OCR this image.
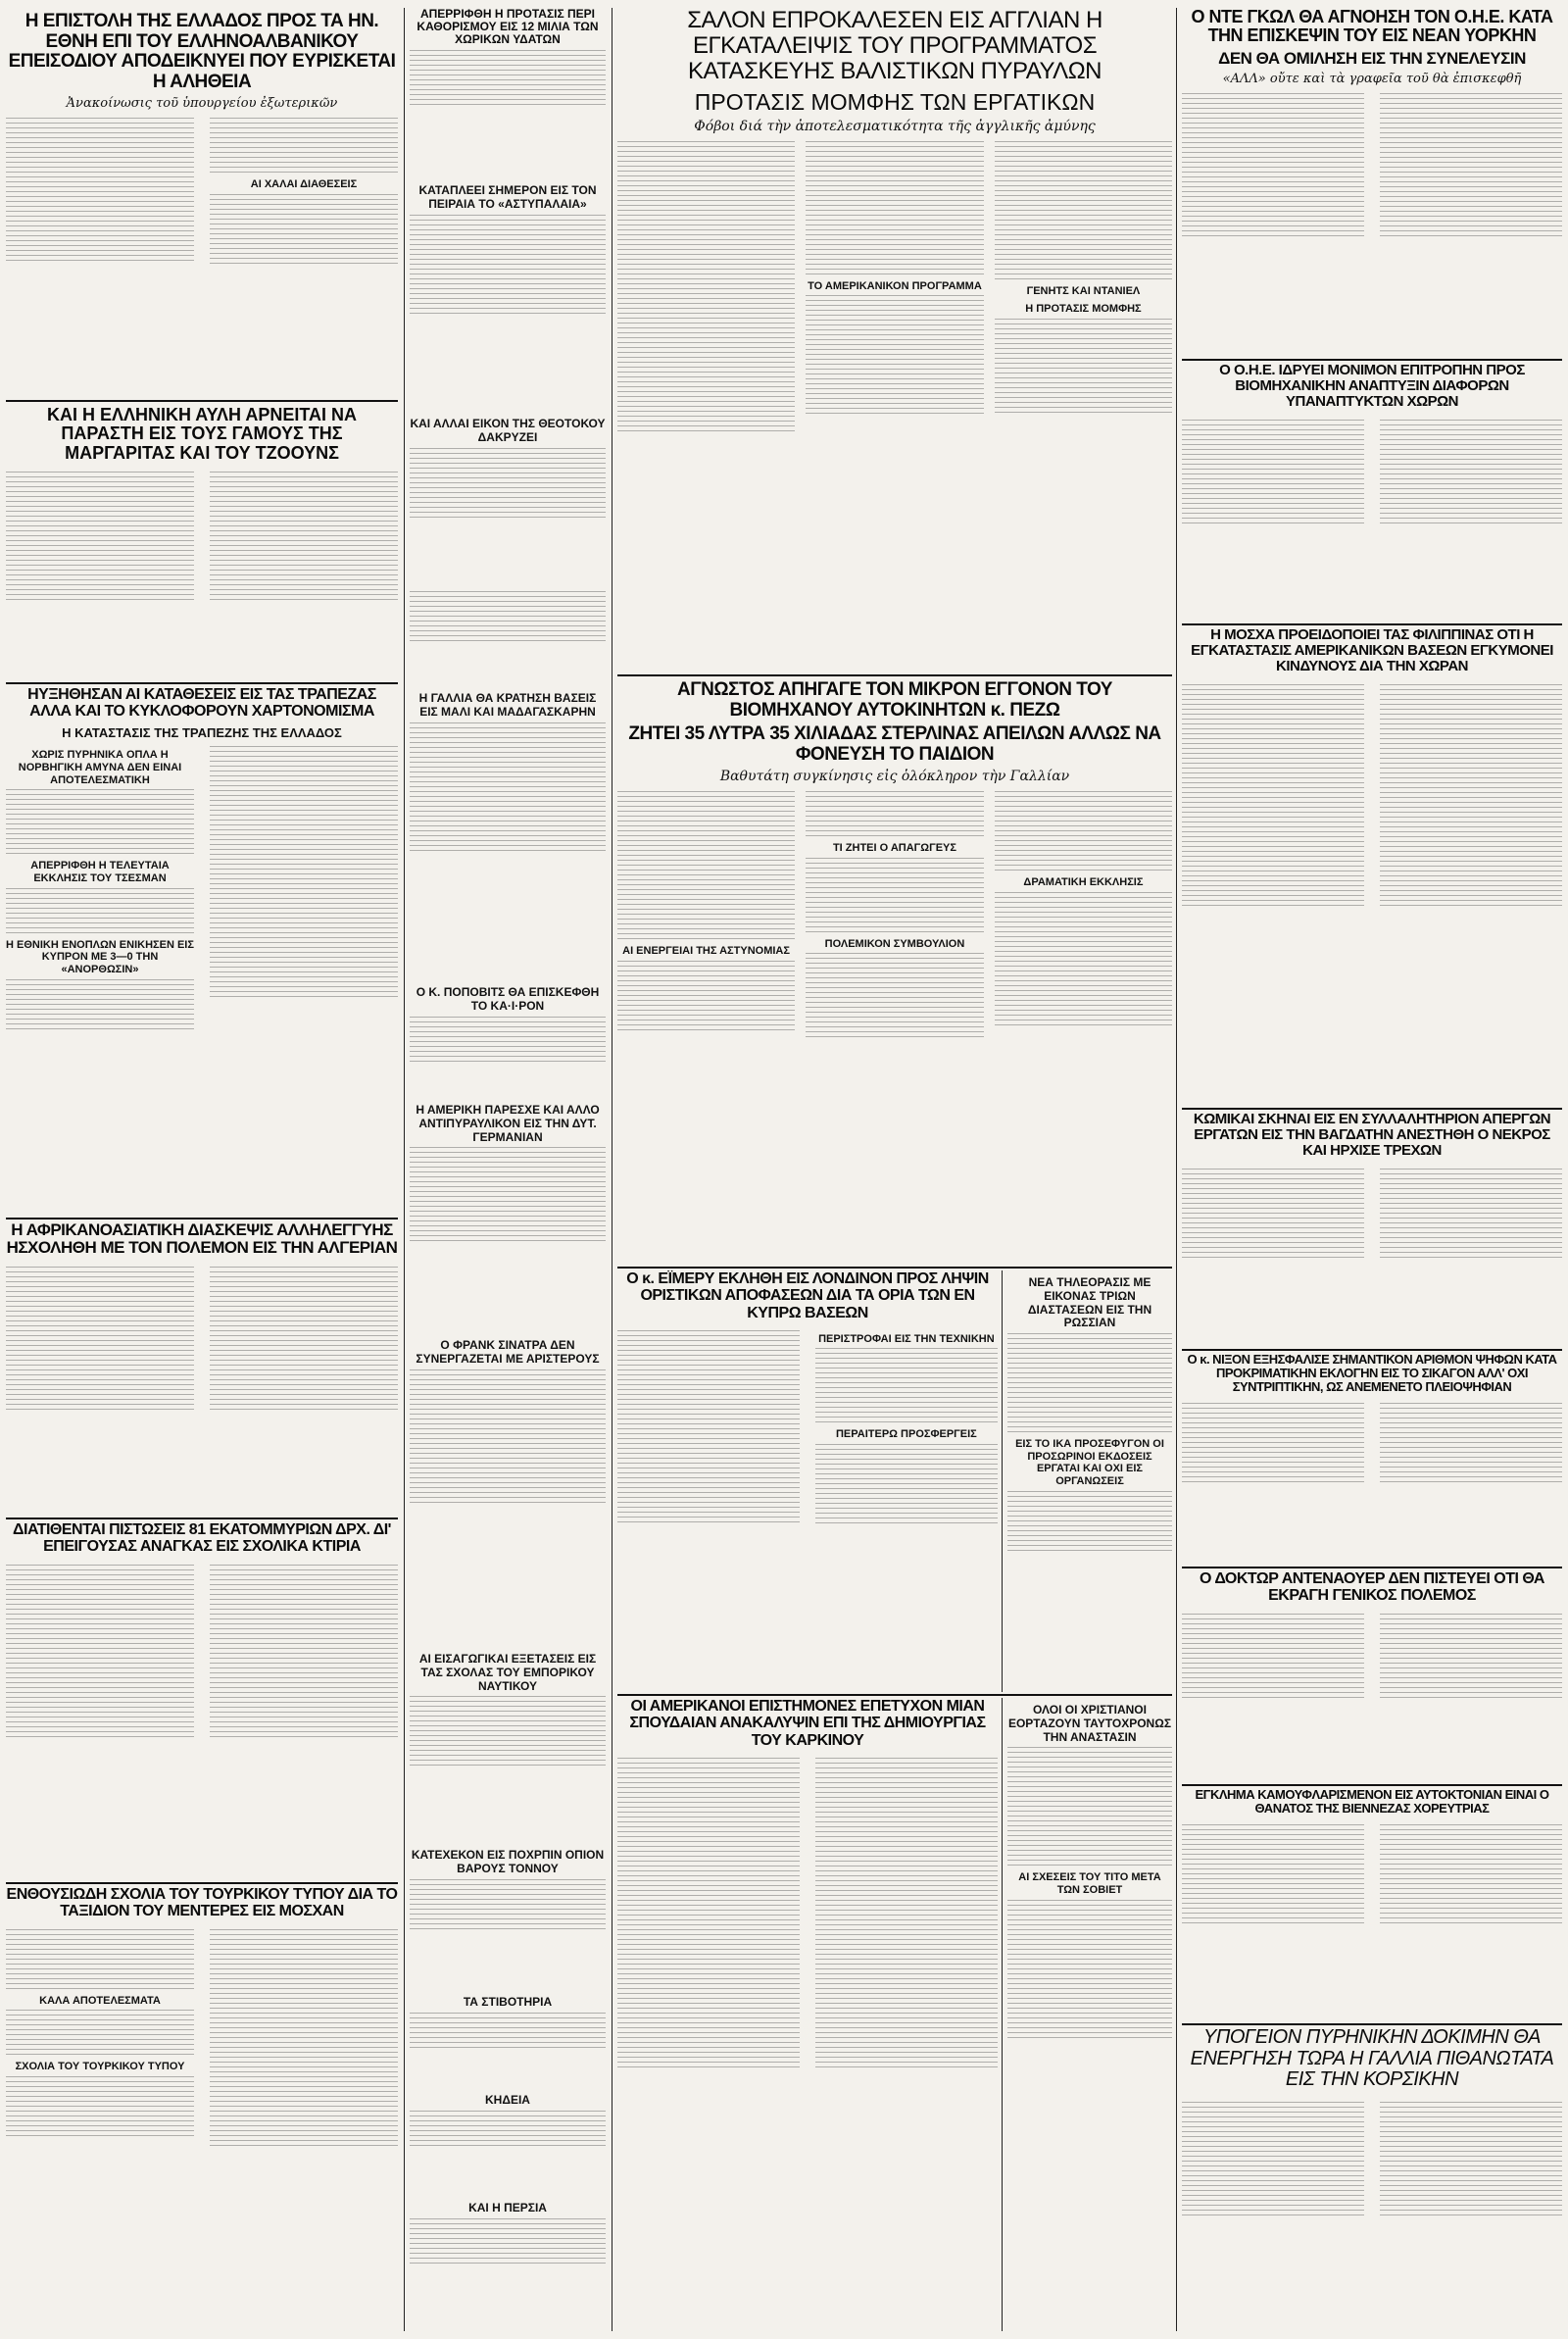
Η ΕΠΙΣΤΟΛΗ ΤΗΣ ΕΛΛΑΔΟΣ ΠΡΟΣ ΤΑ ΗΝ. ΕΘΝΗ ΕΠΙ ΤΟΥ ΕΛΛΗΝΟΑΛΒΑΝΙΚΟΥ ΕΠΕΙΣΟΔΙΟΥ ΑΠΟΔΕΙΚΝΥΕΙ ΠΟΥ ΕΥΡΙΣΚΕΤΑΙ Η ΑΛΗΘΕΙΑ

Ἀνακοίνωσις τοῦ ὑπουργείου ἐξωτερικῶν

ΑΙ ΧΑΛΑΙ ΔΙΑΘΕΣΕΙΣ

ΚΑΙ Η ΕΛΛΗΝΙΚΗ ΑΥΛΗ ΑΡΝΕΙΤΑΙ ΝΑ ΠΑΡΑΣΤΗ ΕΙΣ ΤΟΥΣ ΓΑΜΟΥΣ ΤΗΣ ΜΑΡΓΑΡΙΤΑΣ ΚΑΙ ΤΟΥ ΤΖΟΟΥΝΣ
ΗΥΞΗΘΗΣΑΝ ΑΙ ΚΑΤΑΘΕΣΕΙΣ ΕΙΣ ΤΑΣ ΤΡΑΠΕΖΑΣ ΑΛΛΑ ΚΑΙ ΤΟ ΚΥΚΛΟΦΟΡΟΥΝ ΧΑΡΤΟΝΟΜΙΣΜΑ

Η ΚΑΤΑΣΤΑΣΙΣ ΤΗΣ ΤΡΑΠΕΖΗΣ ΤΗΣ ΕΛΛΑΔΟΣ

ΧΩΡΙΣ ΠΥΡΗΝΙΚΑ ΟΠΛΑ Η ΝΟΡΒΗΓΙΚΗ ΑΜΥΝΑ ΔΕΝ ΕΙΝΑΙ ΑΠΟΤΕΛΕΣΜΑΤΙΚΗ

ΑΠΕΡΡΙΦΘΗ Η ΤΕΛΕΥΤΑΙΑ ΕΚΚΛΗΣΙΣ ΤΟΥ ΤΣΕΣΜΑΝ

Η ΕΘΝΙΚΗ ΕΝΟΠΛΩΝ ΕΝΙΚΗΣΕΝ ΕΙΣ ΚΥΠΡΟΝ ΜΕ 3—0 ΤΗΝ «ΑΝΟΡΘΩΣΙΝ»

Η ΑΦΡΙΚΑΝΟΑΣΙΑΤΙΚΗ ΔΙΑΣΚΕΨΙΣ ΑΛΛΗΛΕΓΓΥΗΣ ΗΣΧΟΛΗΘΗ ΜΕ ΤΟΝ ΠΟΛΕΜΟΝ ΕΙΣ ΤΗΝ ΑΛΓΕΡΙΑΝ
ΔΙΑΤΙΘΕΝΤΑΙ ΠΙΣΤΩΣΕΙΣ 81 ΕΚΑΤΟΜΜΥΡΙΩΝ ΔΡΧ. ΔΙ' ΕΠΕΙΓΟΥΣΑΣ ΑΝΑΓΚΑΣ ΕΙΣ ΣΧΟΛΙΚΑ ΚΤΙΡΙΑ
ΕΝΘΟΥΣΙΩΔΗ ΣΧΟΛΙΑ ΤΟΥ ΤΟΥΡΚΙΚΟΥ ΤΥΠΟΥ ΔΙΑ ΤΟ ΤΑΞΙΔΙΟΝ ΤΟΥ ΜΕΝΤΕΡΕΣ ΕΙΣ ΜΟΣΧΑΝ

ΚΑΛΑ ΑΠΟΤΕΛΕΣΜΑΤΑ

ΣΧΟΛΙΑ ΤΟΥ ΤΟΥΡΚΙΚΟΥ ΤΥΠΟΥ

ΑΠΕΡΡΙΦΘΗ Η ΠΡΟΤΑΣΙΣ ΠΕΡΙ ΚΑΘΟΡΙΣΜΟΥ ΕΙΣ 12 ΜΙΛΙΑ ΤΩΝ ΧΩΡΙΚΩΝ ΥΔΑΤΩΝ

ΚΑΤΑΠΛΕΕΙ ΣΗΜΕΡΟΝ ΕΙΣ ΤΟΝ ΠΕΙΡΑΙΑ ΤΟ «ΑΣΤΥΠΑΛΑΙΑ»

ΚΑΙ ΑΛΛΑΙ ΕΙΚΟΝ ΤΗΣ ΘΕΟΤΟΚΟΥ ΔΑΚΡΥΖΕΙ

Η ΓΑΛΛΙΑ ΘΑ ΚΡΑΤΗΣΗ ΒΑΣΕΙΣ ΕΙΣ ΜΑΛΙ ΚΑΙ ΜΑΔΑΓΑΣΚΑΡΗΝ

Ο Κ. ΠΟΠΟΒΙΤΣ ΘΑ ΕΠΙΣΚΕΦΘΗ ΤΟ ΚΑ·Ι·ΡΟΝ

Η ΑΜΕΡΙΚΗ ΠΑΡΕΣΧΕ ΚΑΙ ΑΛΛΟ ΑΝΤΙΠΥΡΑΥΛΙΚΟΝ ΕΙΣ ΤΗΝ ΔΥΤ. ΓΕΡΜΑΝΙΑΝ

Ο ΦΡΑΝΚ ΣΙΝΑΤΡΑ ΔΕΝ ΣΥΝΕΡΓΑΖΕΤΑΙ ΜΕ ΑΡΙΣΤΕΡΟΥΣ

ΑΙ ΕΙΣΑΓΩΓΙΚΑΙ ΕΞΕΤΑΣΕΙΣ ΕΙΣ ΤΑΣ ΣΧΟΛΑΣ ΤΟΥ ΕΜΠΟΡΙΚΟΥ ΝΑΥΤΙΚΟΥ

ΚΑΤΕΧΕΚΟΝ ΕΙΣ ΠΟΧΡΠΙΝ ΟΠΙΟΝ ΒΑΡΟΥΣ ΤΟΝΝΟΥ

ΤΑ ΣΤΙΒΟΤΗΡΙΑ

ΚΗΔΕΙΑ

ΚΑΙ Η ΠΕΡΣΙΑ

ΣΑΛΟΝ ΕΠΡΟΚΑΛΕΣΕΝ ΕΙΣ ΑΓΓΛΙΑΝ Η ΕΓΚΑΤΑΛΕΙΨΙΣ ΤΟΥ ΠΡΟΓΡΑΜΜΑΤΟΣ ΚΑΤΑΣΚΕΥΗΣ ΒΑΛΙΣΤΙΚΩΝ ΠΥΡΑΥΛΩΝ
ΠΡΟΤΑΣΙΣ ΜΟΜΦΗΣ ΤΩΝ ΕΡΓΑΤΙΚΩΝ

Φόβοι διά τὴν ἀποτελεσματικότητα τῆς ἀγγλικῆς ἀμύνης

ΤΟ ΑΜΕΡΙΚΑΝΙΚΟΝ ΠΡΟΓΡΑΜΜΑ	ΓΕΝΗΤΣ ΚΑΙ ΝΤΑΝΙΕΛ

Η ΠΡΟΤΑΣΙΣ ΜΟΜΦΗΣ

ΑΓΝΩΣΤΟΣ ΑΠΗΓΑΓΕ ΤΟΝ ΜΙΚΡΟΝ ΕΓΓΟΝΟΝ ΤΟΥ ΒΙΟΜΗΧΑΝΟΥ ΑΥΤΟΚΙΝΗΤΩΝ κ. ΠΕΖΩ
ΖΗΤΕΙ 35 ΛΥΤΡΑ 35 ΧΙΛΙΑΔΑΣ ΣΤΕΡΛΙΝΑΣ ΑΠΕΙΛΩΝ ΑΛΛΩΣ ΝΑ ΦΟΝΕΥΣΗ ΤΟ ΠΑΙΔΙΟΝ

Βαθυτάτη συγκίνησις εἰς ὁλόκληρον τὴν Γαλλίαν

ΑΙ ΕΝΕΡΓΕΙΑΙ ΤΗΣ ΑΣΤΥΝΟΜΙΑΣ

ΤΙ ΖΗΤΕΙ Ο ΑΠΑΓΩΓΕΥΣ

ΠΟΛΕΜΙΚΟΝ ΣΥΜΒΟΥΛΙΟΝ

ΔΡΑΜΑΤΙΚΗ ΕΚΚΛΗΣΙΣ

Ο κ. ΕΪΜΕΡΥ ΕΚΛΗΘΗ ΕΙΣ ΛΟΝΔΙΝΟΝ ΠΡΟΣ ΛΗΨΙΝ ΟΡΙΣΤΙΚΩΝ ΑΠΟΦΑΣΕΩΝ ΔΙΑ ΤΑ ΟΡΙΑ ΤΩΝ ΕΝ ΚΥΠΡΩ ΒΑΣΕΩΝ

ΠΕΡΙΣΤΡΟΦΑΙ ΕΙΣ ΤΗΝ ΤΕΧΝΙΚΗΝ

ΠΕΡΑΙΤΕΡΩ ΠΡΟΣΦΕΡΓΕΙΣ

ΝΕΑ ΤΗΛΕΟΡΑΣΙΣ ΜΕ ΕΙΚΟΝΑΣ ΤΡΙΩΝ ΔΙΑΣΤΑΣΕΩΝ ΕΙΣ ΤΗΝ ΡΩΣΣΙΑΝ

ΕΙΣ ΤΟ ΙΚΑ ΠΡΟΣΕΦΥΓΟΝ ΟΙ ΠΡΟΣΩΡΙΝΟΙ ΕΚΔΟΣΕΙΣ ΕΡΓΑΤΑΙ ΚΑΙ ΟΧΙ ΕΙΣ ΟΡΓΑΝΩΣΕΙΣ

ΟΙ ΑΜΕΡΙΚΑΝΟΙ ΕΠΙΣΤΗΜΟΝΕΣ ΕΠΕΤΥΧΟΝ ΜΙΑΝ ΣΠΟΥΔΑΙΑΝ ΑΝΑΚΑΛΥΨΙΝ ΕΠΙ ΤΗΣ ΔΗΜΙΟΥΡΓΙΑΣ ΤΟΥ ΚΑΡΚΙΝΟΥ

ΟΛΟΙ ΟΙ ΧΡΙΣΤΙΑΝΟΙ ΕΟΡΤΑΖΟΥΝ ΤΑΥΤΟΧΡΟΝΩΣ ΤΗΝ ΑΝΑΣΤΑΣΙΝ

ΑΙ ΣΧΕΣΕΙΣ ΤΟΥ ΤΙΤΟ ΜΕΤΑ ΤΩΝ ΣΟΒΙΕΤ

Ο ΝΤΕ ΓΚΩΛ ΘΑ ΑΓΝΟΗΣΗ ΤΟΝ Ο.Η.Ε. ΚΑΤΑ ΤΗΝ ΕΠΙΣΚΕΨΙΝ ΤΟΥ ΕΙΣ ΝΕΑΝ ΥΟΡΚΗΝ
ΔΕΝ ΘΑ ΟΜΙΛΗΣΗ ΕΙΣ ΤΗΝ ΣΥΝΕΛΕΥΣΙΝ

«ΑΛΛ» οὔτε καὶ τὰ γραφεῖα τοῦ θὰ ἐπισκεφθῆ

Ο Ο.Η.Ε. ΙΔΡΥΕΙ ΜΟΝΙΜΟΝ ΕΠΙΤΡΟΠΗΝ ΠΡΟΣ ΒΙΟΜΗΧΑΝΙΚΗΝ ΑΝΑΠΤΥΞΙΝ ΔΙΑΦΟΡΩΝ ΥΠΑΝΑΠΤΥΚΤΩΝ ΧΩΡΩΝ
Η ΜΟΣΧΑ ΠΡΟΕΙΔΟΠΟΙΕΙ ΤΑΣ ΦΙΛΙΠΠΙΝΑΣ ΟΤΙ Η ΕΓΚΑΤΑΣΤΑΣΙΣ ΑΜΕΡΙΚΑΝΙΚΩΝ ΒΑΣΕΩΝ ΕΓΚΥΜΟΝΕΙ ΚΙΝΔΥΝΟΥΣ ΔΙΑ ΤΗΝ ΧΩΡΑΝ
ΚΩΜΙΚΑΙ ΣΚΗΝΑΙ ΕΙΣ ΕΝ ΣΥΛΛΑΛΗΤΗΡΙΟΝ ΑΠΕΡΓΩΝ ΕΡΓΑΤΩΝ ΕΙΣ ΤΗΝ ΒΑΓΔΑΤΗΝ ΑΝΕΣΤΗΘΗ Ο ΝΕΚΡΟΣ ΚΑΙ ΗΡΧΙΣΕ ΤΡΕΧΩΝ
Ο κ. ΝΙΞΟΝ ΕΞΗΣΦΑΛΙΣΕ ΣΗΜΑΝΤΙΚΟΝ ΑΡΙΘΜΟΝ ΨΗΦΩΝ ΚΑΤΑ ΠΡΟΚΡΙΜΑΤΙΚΗΝ ΕΚΛΟΓΗΝ ΕΙΣ ΤΟ ΣΙΚΑΓΟΝ ΑΛΛ' ΟΧΙ ΣΥΝΤΡΙΠΤΙΚΗΝ, ΩΣ ΑΝΕΜΕΝΕΤΟ ΠΛΕΙΟΨΗΦΙΑΝ
Ο ΔΟΚΤΩΡ ΑΝΤΕΝΑΟΥΕΡ ΔΕΝ ΠΙΣΤΕΥΕΙ ΟΤΙ ΘΑ ΕΚΡΑΓΗ ΓΕΝΙΚΟΣ ΠΟΛΕΜΟΣ
ΕΓΚΛΗΜΑ ΚΑΜΟΥΦΛΑΡΙΣΜΕΝΟΝ ΕΙΣ ΑΥΤΟΚΤΟΝΙΑΝ ΕΙΝΑΙ Ο ΘΑΝΑΤΟΣ ΤΗΣ ΒΙΕΝΝΕΖΑΣ ΧΟΡΕΥΤΡΙΑΣ
ΥΠΟΓΕΙΟΝ ΠΥΡΗΝΙΚΗΝ ΔΟΚΙΜΗΝ ΘΑ ΕΝΕΡΓΗΣΗ ΤΩΡΑ Η ΓΑΛΛΙΑ ΠΙΘΑΝΩΤΑΤΑ ΕΙΣ ΤΗΝ ΚΟΡΣΙΚΗΝ
